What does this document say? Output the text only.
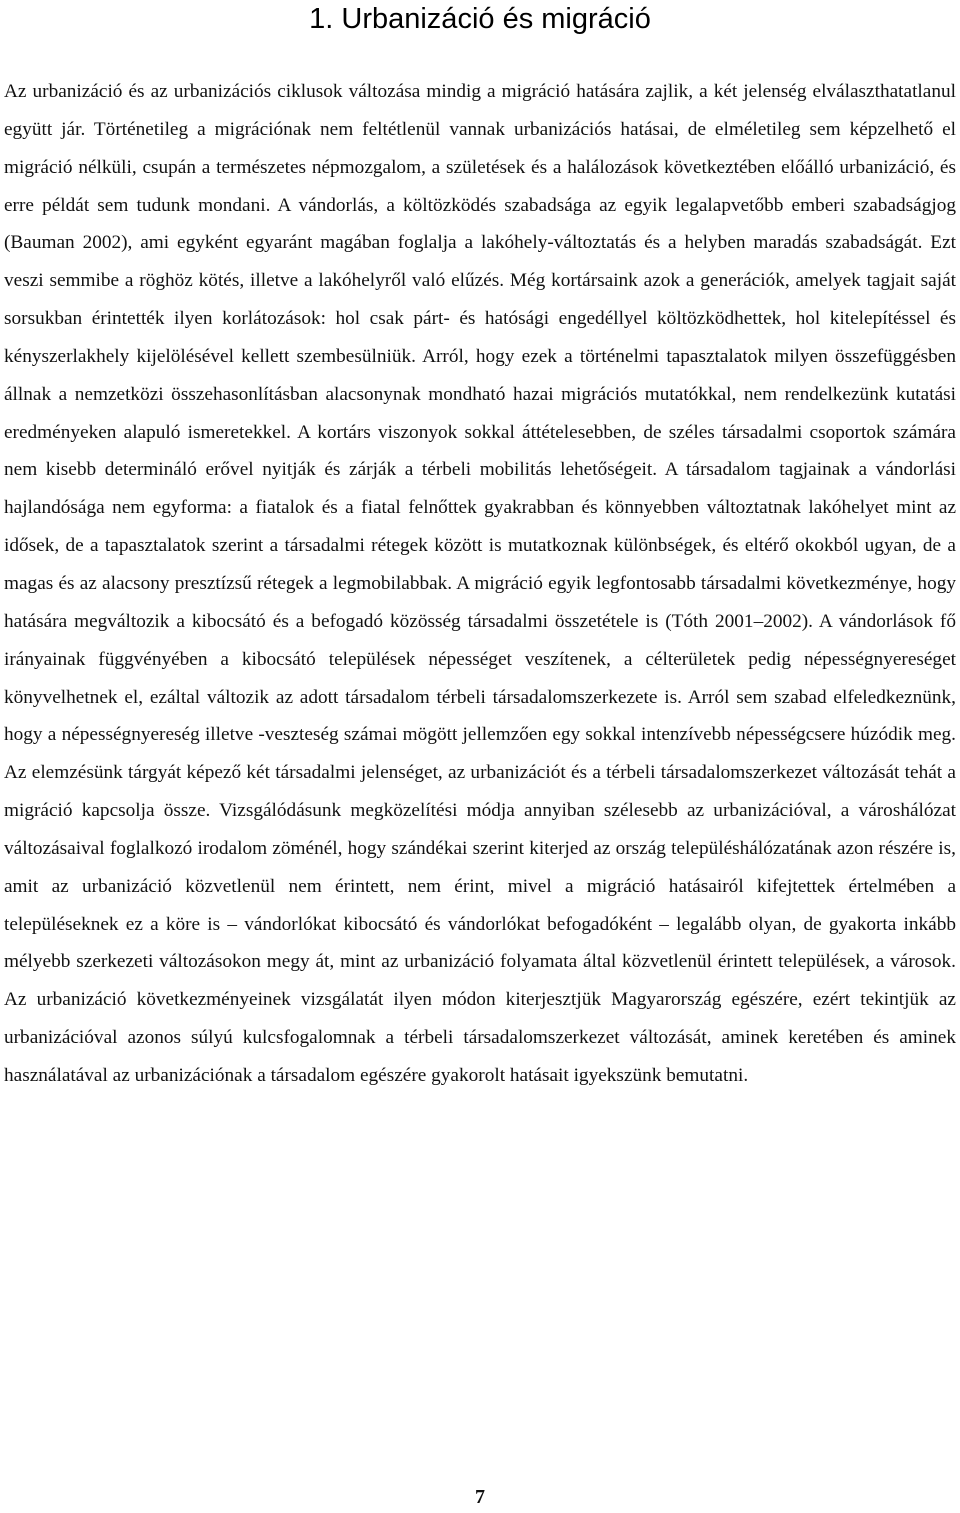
1. Urbanizáció és migráció

Az urbanizáció és az urbanizációs ciklusok változása mindig a migráció hatására zajlik, a két jelenség elválaszthatatlanul együtt jár. Történetileg a migrációnak nem feltétlenül vannak urbanizációs hatásai, de elméletileg sem képzelhető el migráció nélküli, csupán a természetes népmozgalom, a születések és a halálozások következtében előálló urbanizáció, és erre példát sem tudunk mondani. A vándorlás, a költözködés szabadsága az egyik legalapvetőbb emberi szabadságjog (Bauman 2002), ami egyként egyaránt magában foglalja a lakóhely-változtatás és a helyben maradás szabadságát. Ezt veszi semmibe a röghöz kötés, illetve a lakóhelyről való elűzés. Még kortársaink azok a generációk, amelyek tagjait saját sorsukban érintették ilyen korlátozások: hol csak párt- és hatósági engedéllyel költözködhettek, hol kitelepítéssel és kényszerlakhely kijelölésével kellett szembesülniük. Arról, hogy ezek a történelmi tapasztalatok milyen összefüggésben állnak a nemzetközi összehasonlításban alacsonynak mondható hazai migrációs mutatókkal, nem rendelkezünk kutatási eredményeken alapuló ismeretekkel. A kortárs viszonyok sokkal áttételesebben, de széles társadalmi csoportok számára nem kisebb determináló erővel nyitják és zárják a térbeli mobilitás lehetőségeit. A társadalom tagjainak a vándorlási hajlandósága nem egyforma: a fiatalok és a fiatal felnőttek gyakrabban és könnyebben változtatnak lakóhelyet mint az idősek, de a tapasztalatok szerint a társadalmi rétegek között is mutatkoznak különbségek, és eltérő okokból ugyan, de a magas és az alacsony presztízsű rétegek a legmobilabbak. A migráció egyik legfontosabb társadalmi következménye, hogy hatására megváltozik a kibocsátó és a befogadó közösség társadalmi összetétele is (Tóth 2001–2002). A vándorlások fő irányainak függvényében a kibocsátó települések népességet veszítenek, a célterületek pedig népességnyereséget könyvelhetnek el, ezáltal változik az adott társadalom térbeli társadalomszerkezete is. Arról sem szabad elfeledkeznünk, hogy a népességnyereség illetve -veszteség számai mögött jellemzően egy sokkal intenzívebb népességcsere húzódik meg. Az elemzésünk tárgyát képező két társadalmi jelenséget, az urbanizációt és a térbeli társadalomszerkezet változását tehát a migráció kapcsolja össze. Vizsgálódásunk megközelítési módja annyiban szélesebb az urbanizációval, a városhálózat változásaival foglalkozó irodalom zöménél, hogy szándékai szerint kiterjed az ország településhálózatának azon részére is, amit az urbanizáció közvetlenül nem érintett, nem érint, mivel a migráció hatásairól kifejtettek értelmében a településeknek ez a köre is – vándorlókat kibocsátó és vándorlókat befogadóként – legalább olyan, de gyakorta inkább mélyebb szerkezeti változásokon megy át, mint az urbanizáció folyamata által közvetlenül érintett települések, a városok. Az urbanizáció következményeinek vizsgálatát ilyen módon kiterjesztjük Magyarország egészére, ezért tekintjük az urbanizációval azonos súlyú kulcsfogalomnak a térbeli társadalomszerkezet változását, aminek keretében és aminek használatával az urbanizációnak a társadalom egészére gyakorolt hatásait igyekszünk bemutatni.

7
